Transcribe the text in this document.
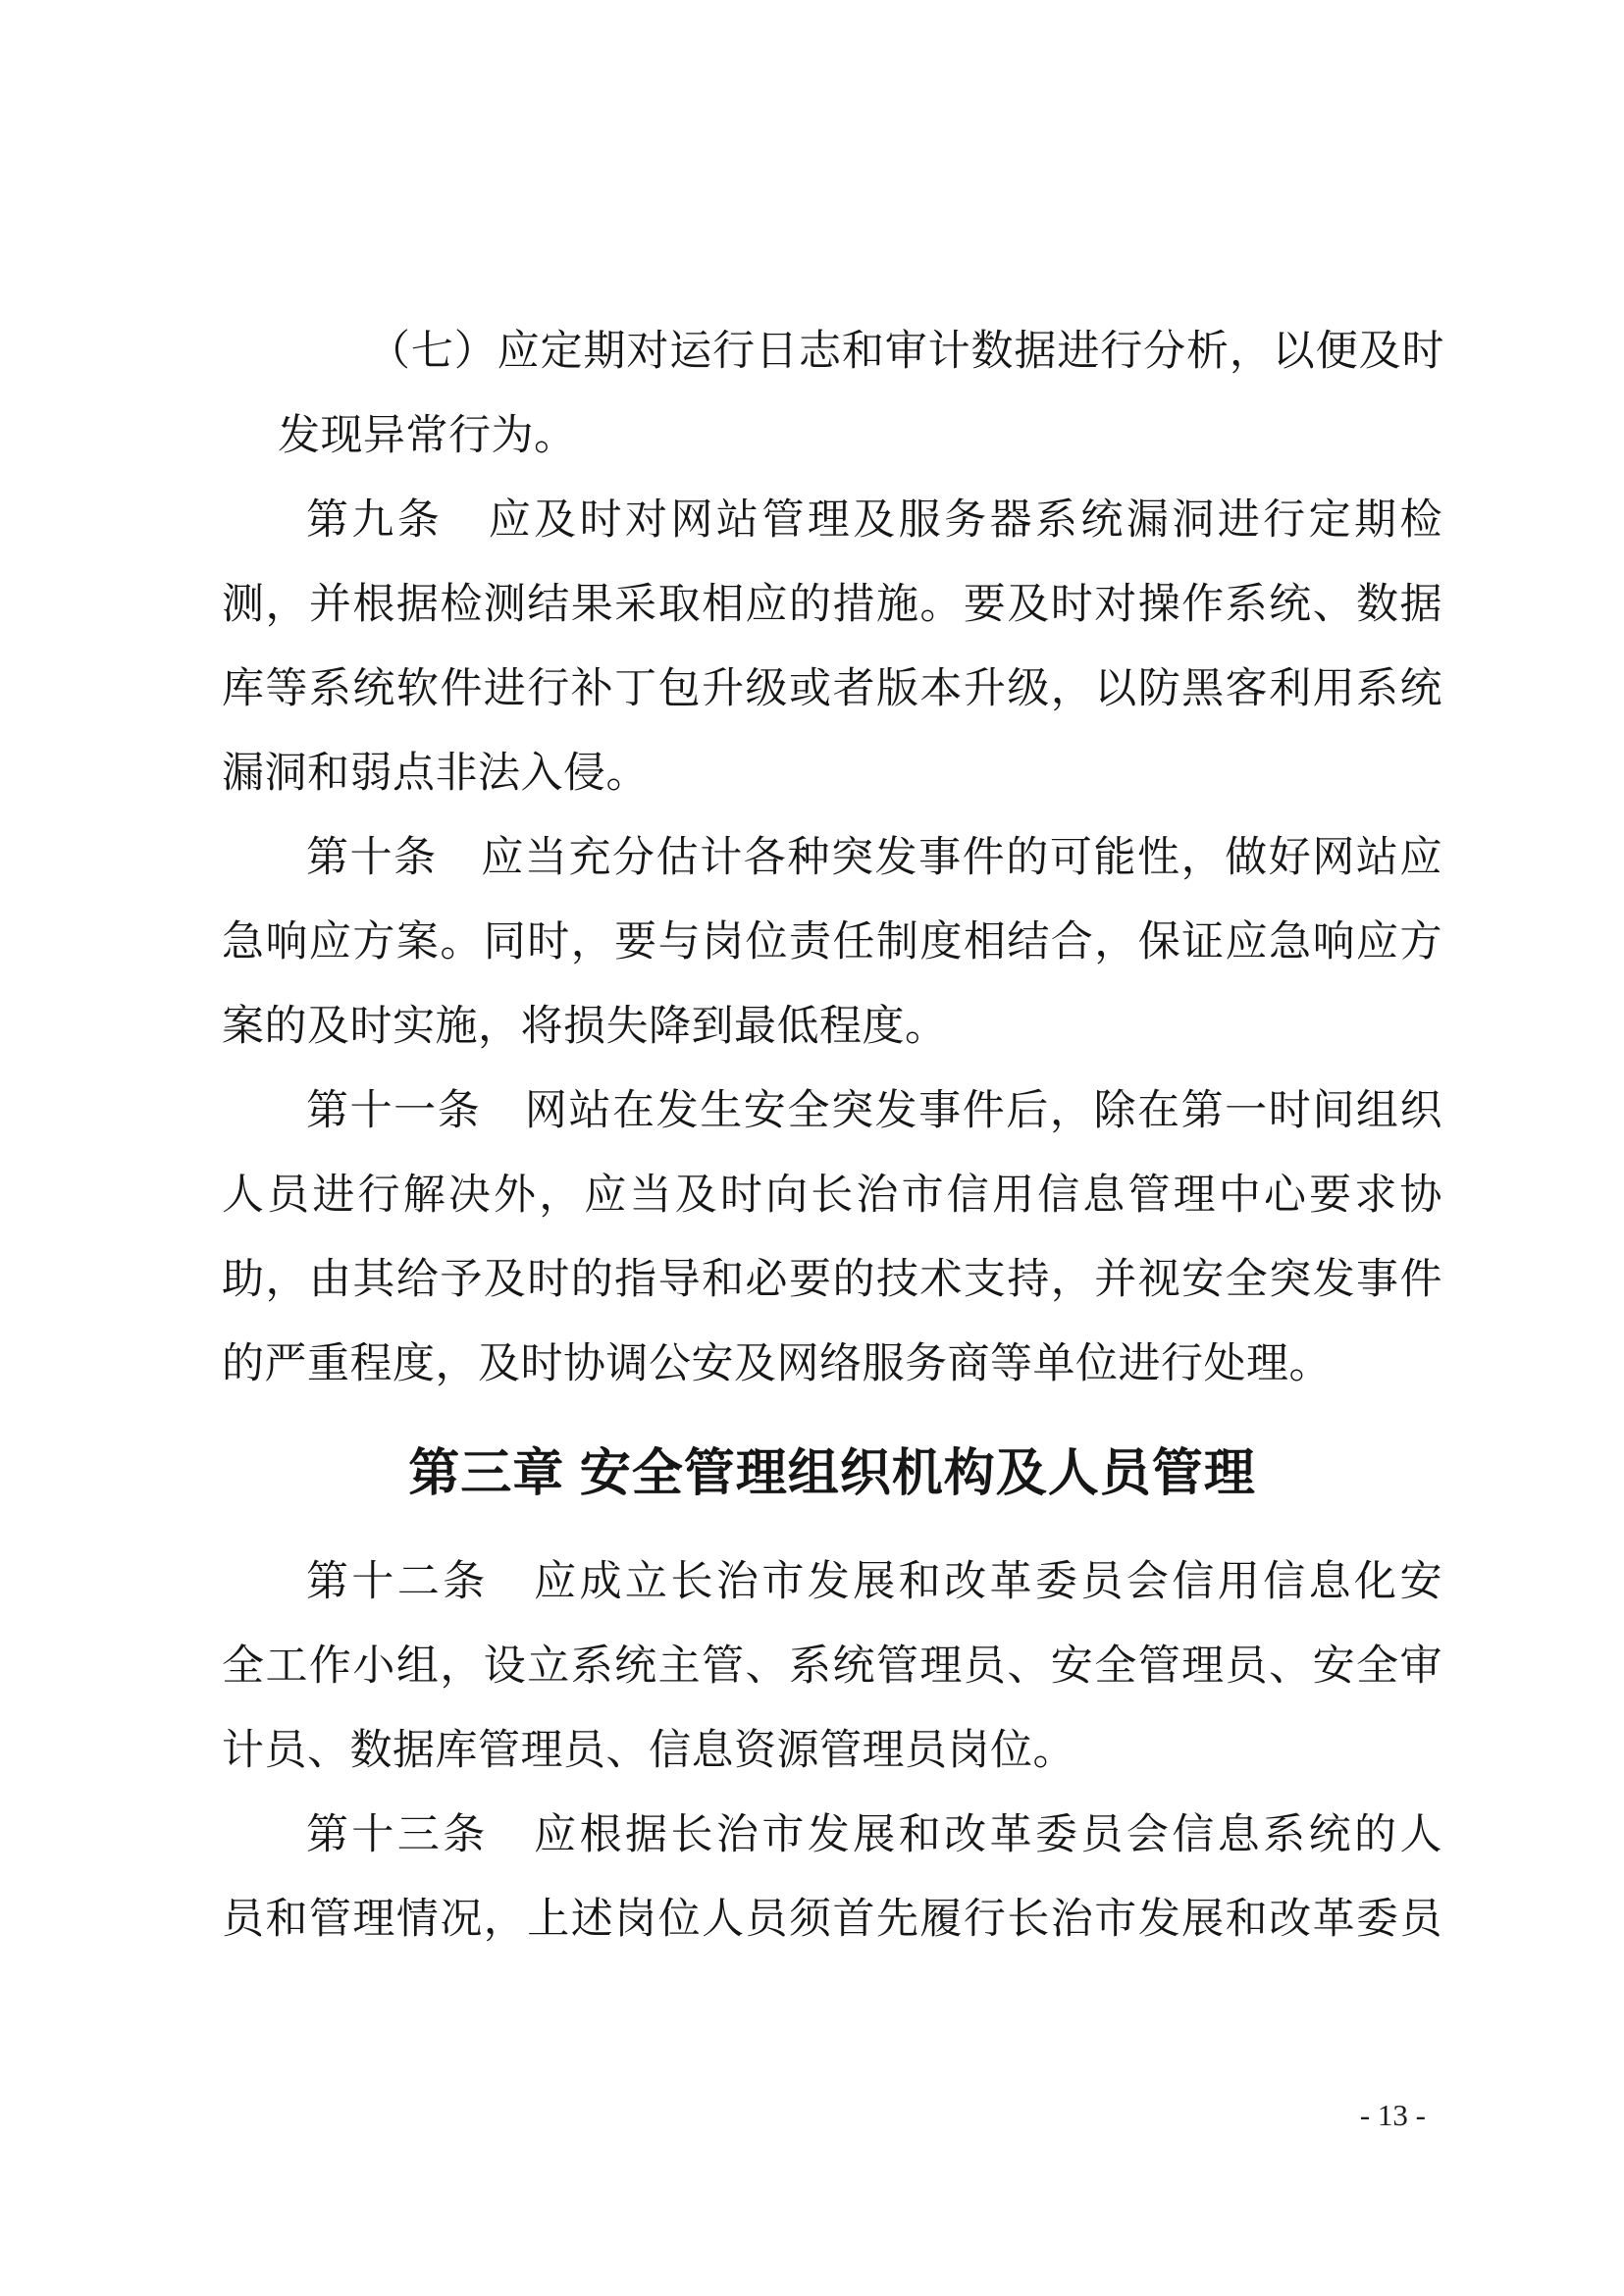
（七）应定期对运行日志和审计数据进行分析，以便及时
发现异常行为。
第九条　应及时对网站管理及服务器系统漏洞进行定期检
测，并根据检测结果采取相应的措施。要及时对操作系统、数据
库等系统软件进行补丁包升级或者版本升级，以防黑客利用系统
漏洞和弱点非法入侵。
第十条　应当充分估计各种突发事件的可能性，做好网站应
急响应方案。同时，要与岗位责任制度相结合，保证应急响应方
案的及时实施，将损失降到最低程度。
第十一条　网站在发生安全突发事件后，除在第一时间组织
人员进行解决外，应当及时向长治市信用信息管理中心要求协
助，由其给予及时的指导和必要的技术支持，并视安全突发事件
的严重程度，及时协调公安及网络服务商等单位进行处理。
第三章 安全管理组织机构及人员管理
第十二条　应成立长治市发展和改革委员会信用信息化安
全工作小组，设立系统主管、系统管理员、安全管理员、安全审
计员、数据库管理员、信息资源管理员岗位。
第十三条　应根据长治市发展和改革委员会信息系统的人
员和管理情况，上述岗位人员须首先履行长治市发展和改革委员
- 13 -
